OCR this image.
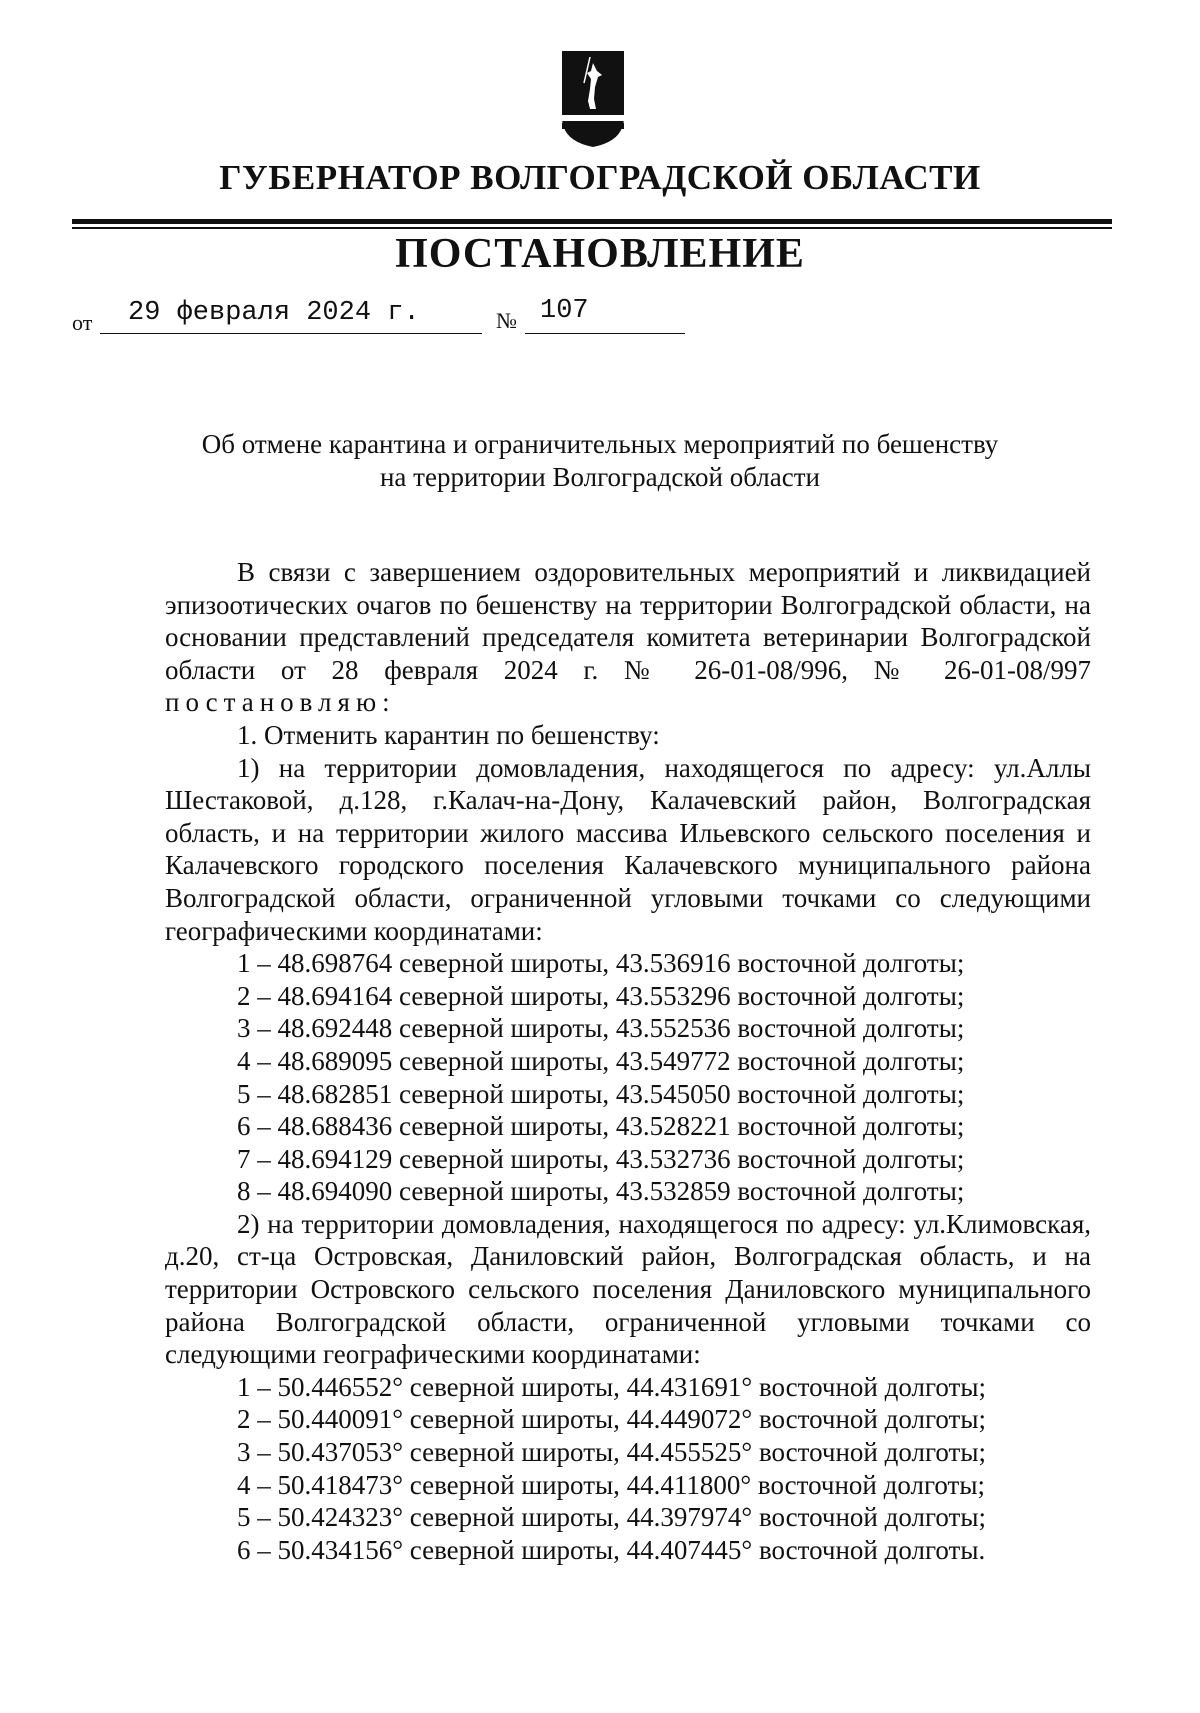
ГУБЕРНАТОР ВОЛГОГРАДСКОЙ ОБЛАСТИ
ПОСТАНОВЛЕНИЕ
от 29 февраля 2024 г.	№ 107
Об отмене карантина и ограничительных мероприятий по бешенству
на территории Волгоградской области

В связи с завершением оздоровительных мероприятий и ликвидацией эпизоотических очагов по бешенству на территории Волгоградской области, на основании представлений председателя комитета ветеринарии Волгоградской области от 28 февраля 2024 г. № 26-01-08/996, № 26-01-08/997 постановляю:

1. Отменить карантин по бешенству:

1) на территории домовладения, находящегося по адресу: ул.Аллы Шестаковой, д.128, г.Калач-на-Дону, Калачевский район, Волгоградская область, и на территории жилого массива Ильевского сельского поселения и Калачевского городского поселения Калачевского муниципального района Волгоградской области, ограниченной угловыми точками со следующими географическими координатами:

1 – 48.698764 северной широты, 43.536916 восточной долготы;
2 – 48.694164 северной широты, 43.553296 восточной долготы;
3 – 48.692448 северной широты, 43.552536 восточной долготы;
4 – 48.689095 северной широты, 43.549772 восточной долготы;
5 – 48.682851 северной широты, 43.545050 восточной долготы;
6 – 48.688436 северной широты, 43.528221 восточной долготы;
7 – 48.694129 северной широты, 43.532736 восточной долготы;
8 – 48.694090 северной широты, 43.532859 восточной долготы;

2) на территории домовладения, находящегося по адресу: ул.Климовская, д.20, ст-ца Островская, Даниловский район, Волгоградская область, и на территории Островского сельского поселения Даниловского муниципального района Волгоградской области, ограниченной угловыми точками со следующими географическими координатами:

1 – 50.446552° северной широты, 44.431691° восточной долготы;
2 – 50.440091° северной широты, 44.449072° восточной долготы;
3 – 50.437053° северной широты, 44.455525° восточной долготы;
4 – 50.418473° северной широты, 44.411800° восточной долготы;
5 – 50.424323° северной широты, 44.397974° восточной долготы;
6 – 50.434156° северной широты, 44.407445° восточной долготы.
